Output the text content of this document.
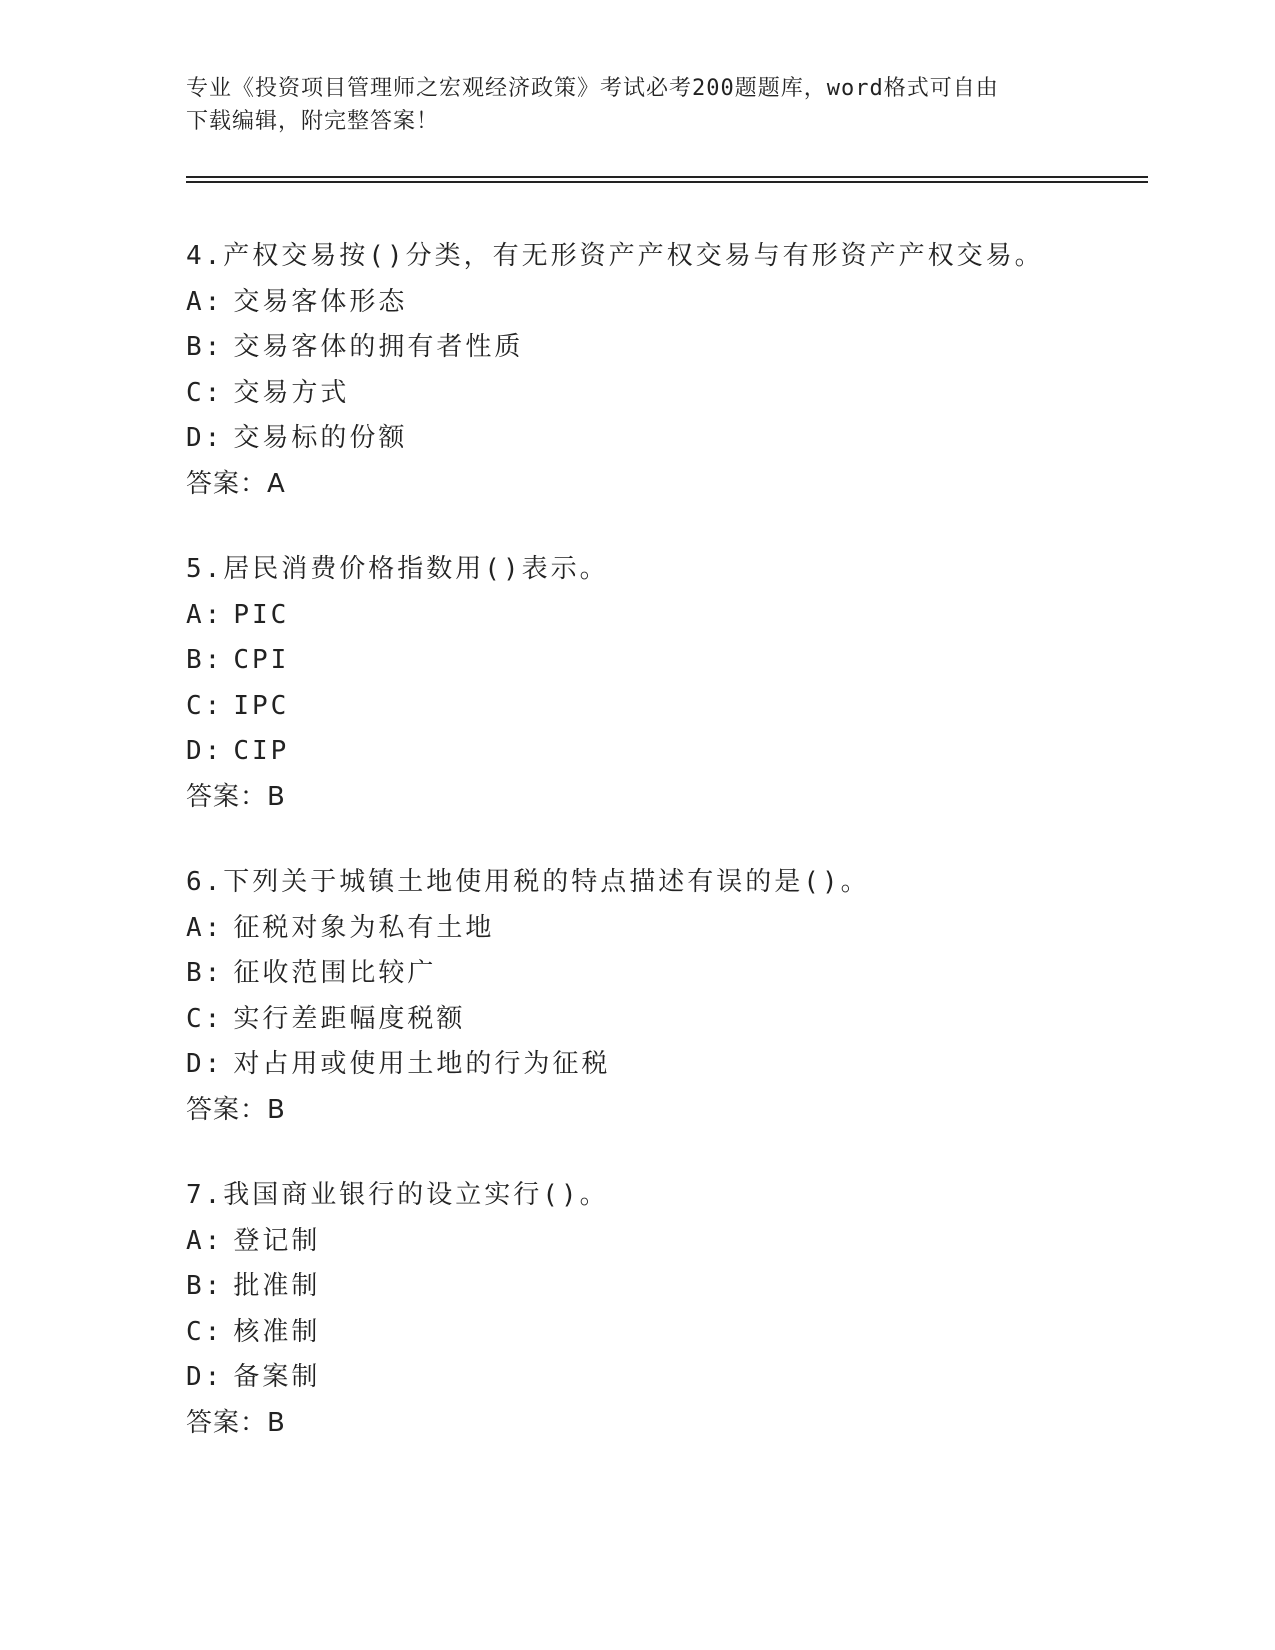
专业《投资项目管理师之宏观经济政策》考试必考200题题库，word格式可自由
下载编辑，附完整答案！
4.产权交易按()分类，有无形资产产权交易与有形资产产权交易。
A: 交易客体形态
B: 交易客体的拥有者性质
C: 交易方式
D: 交易标的份额
答案：A
5.居民消费价格指数用()表示。
A: PIC
B: CPI
C: IPC
D: CIP
答案：B
6.下列关于城镇土地使用税的特点描述有误的是()。
A: 征税对象为私有土地
B: 征收范围比较广
C: 实行差距幅度税额
D: 对占用或使用土地的行为征税
答案：B
7.我国商业银行的设立实行()。
A: 登记制
B: 批准制
C: 核准制
D: 备案制
答案：B
